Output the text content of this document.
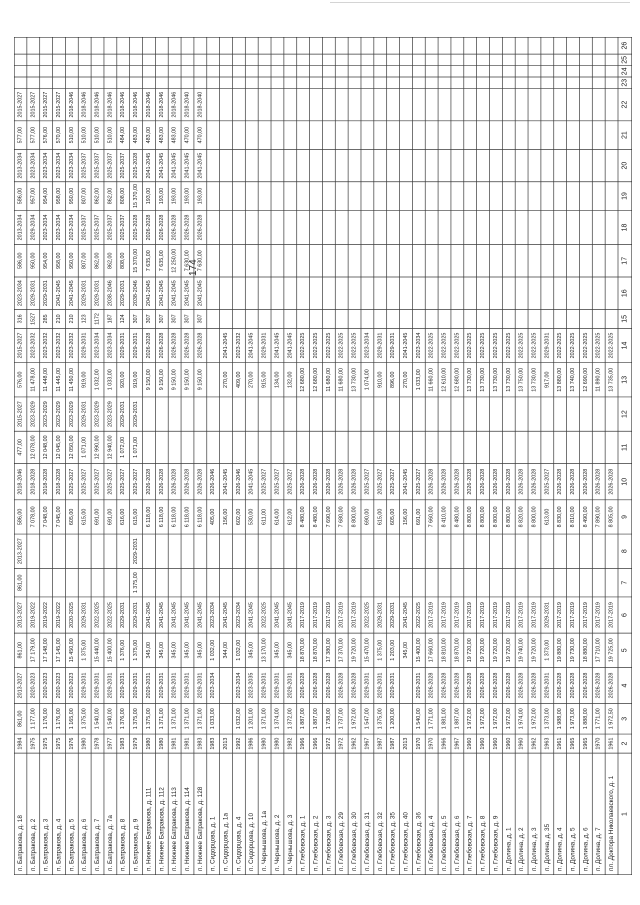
174
1
2
3
4
5
6
7
8
9
10
11
12
13
14
15
16
17
18
19
20
21
22
23
24
25
26
п. Батракова, д. 18
1984
861,00
2013-2027
861,00
2013-2027
861,00
2013-2027
586,00
2018-2046
477,00
2015-2027
576,00
2015-2027
316
2023-2034
586,00
2013-2034
586,00
2013-2034
577,00
2015-2027
п. Батракова, д. 2
1975
1 177,00
2020-2023
17 179,00
2019-2022
7 078,00
2018-2028
12 078,00
2023-2029
11 478,00
2023-2032
1527
2029-2031
950,00
2029-2034
957,00
2023-2034
577,00
2015-2027
п. Батракова, д. 3
1975
1 176,00
2020-2023
17 148,00
2019-2022
7 048,00
2018-2028
12 048,00
2023-2029
11 448,00
2023-2032
285
2029-2031
954,00
2023-2034
954,00
2023-2034
576,00
2015-2027
п. Батракова, д. 4
1975
1 176,00
2020-2023
17 145,00
2019-2022
7 045,00
2018-2028
12 045,00
2023-2029
11 445,00
2023-2032
210
2041-2045
958,00
2023-2034
958,00
2023-2034
570,00
2015-2027
п. Батракова, д. 5
1976
1 165,00
2020-2023
15 450,00
2020-2025
605,00
2025-2027
12 050,00
2023-2029
11 450,00
2023-2032
210
2041-2045
950,00
2023-2034
950,00
2023-2034
510,00
2018-2046
п. Батракова, д. 6
1980
1 375,00
2029-2031
1 375,00
2029-2031
615,00
2025-2027
1 071,00
2029-2031
919,00
2029-2031
123
2029-2031
807,00
2025-2037
807,00
2025-2037
510,00
2018-2046
п. Батракова, д. 7
1978
1 540,00
2029-2031
15 440,00
2022-2025
691,00
2025-2027
12 990,00
2023-2029
1 032,00
2023-2034
1172
2029-2031
862,00
2025-2037
862,00
2025-2037
510,00
2018-2046
п. Батракова, д. 7а
1977
1 540,00
2029-2031
15 400,00
2022-2025
691,00
2025-2027
12 940,00
2023-2029
1 033,00
2023-2034
187
2038-2046
862,00
2025-2037
862,00
2025-2037
510,00
2018-2046
п. Батракова, д. 8
1983
1 376,00
2029-2031
1 376,00
2029-2031
616,00
2025-2027
1 072,00
2029-2031
920,00
2029-2031
124
2029-2031
808,00
2025-2037
808,00
2025-2037
484,00
2018-2046
п. Батракова, д. 9
1979
1 375,00
2029-2031
1 375,00
2029-2031
1 375,00
2029-2031
615,00
2025-2027
1 071,00
2029-2031
919,00
2029-2031
307
2038-2046
15 370,00
2025-2028
15 370,00
2025-2028
483,00
2018-2046
п. Нижнее Батракова, д. 111
1980
1 375,00
2029-2031
345,00
2041-2045
6 118,00
2026-2028
9 150,00
2026-2028
307
2041-2045
7 635,00
2026-2028
193,00
2041-2045
483,00
2018-2046
п. Нижнее Батракова, д. 112
1980
1 371,00
2029-2031
345,00
2041-2045
6 118,00
2026-2028
9 150,00
2026-2028
307
2041-2045
7 635,00
2026-2028
193,00
2041-2045
483,00
2018-2046
п. Нижнее Батракова, д. 113
1981
1 371,00
2029-2031
345,00
2041-2045
6 118,00
2026-2028
9 150,00
2026-2028
307
2041-2045
12 250,00
2026-2028
193,00
2041-2045
483,00
2018-2046
п. Нижнее Батракова, д. 114
1981
1 371,00
2029-2031
345,00
2041-2045
6 118,00
2026-2028
9 150,00
2026-2028
307
2041-2045
7 630,00
2026-2028
193,00
2041-2045
470,00
2018-2040
п. Нижнее Батракова, д. 128
1983
1 371,00
2029-2031
345,00
2041-2045
6 118,00
2026-2028
9 150,00
2026-2028
307
2041-2045
7 630,00
2026-2028
193,00
2041-2045
470,00
2018-2040
п. Сидорцова, д. 1
1983
1 033,00
2023-2034
1 032,00
2023-2034
405,00
2026-2046
п. Сидорцова, д. 1а
2013
344,00
2041-2045
156,00
2041-2045
270,00
2041-2045
п. Сидорцова, д. 4
1992
1 032,00
2023-2034
1 032,00
2023-2034
602,00
2026-2046
409,00
2023-2032
п. Сидорцова, д. 10
1986
1 201,00
2023-2035
345,00
2041-2045
530,00
2041-2045
270,00
2041-2045
п. Чернышова, д. 1а
1980
1 371,00
2029-2031
13 170,00
2022-2025
611,00
2025-2027
915,00
2029-2031
п. Чернышова, д. 2
1980
1 374,00
2029-2031
345,00
2041-2045
614,00
2025-2027
134,00
2041-2045
п. Чернышова, д. 3
1982
1 372,00
2029-2031
345,00
2041-2045
612,00
2025-2027
132,00
2041-2045
п. Глебовская, д. 1
1966
1 887,00
2026-2028
18 870,00
2017-2019
8 480,00
2026-2028
12 680,00
2022-2025
п. Глебовская, д. 2
1966
1 887,00
2026-2028
18 870,00
2017-2019
8 480,00
2026-2028
12 680,00
2022-2025
п. Глебовская, д. 3
1972
1 738,00
2026-2028
17 380,00
2017-2019
7 690,00
2026-2028
11 680,00
2022-2025
п. Глебовская, д. 29
1972
1 737,00
2026-2028
17 370,00
2017-2019
7 680,00
2026-2028
11 680,00
2022-2025
п. Глебовская, д. 30
1962
1 972,00
2026-2028
19 720,00
2017-2019
8 800,00
2026-2028
13 730,00
2022-2025
п. Глебовская, д. 31
1967
1 547,00
2029-2031
15 470,00
2022-2025
690,00
2025-2027
1 074,00
2023-2034
п. Глебовская, д. 32
1987
1 375,00
2029-2031
1 375,00
2029-2031
615,00
2025-2027
910,00
2029-2031
п. Глебовская, д. 35
1987
1 200,00
2029-2031
1 203,00
2029-2031
605,00
2025-2027
896,00
2029-2031
п. Глебовская, д. 40
2013
345,00
2041-2045
156,00
2041-2045
270,00
2041-2045
п. Глебовская, д. 36
1970
1 540,00
2029-2031
15 400,00
2022-2025
691,00
2025-2027
1 033,00
2023-2034
п. Глебовская, д. 4
1970
1 771,00
2026-2028
17 660,00
2017-2019
7 660,00
2026-2028
11 660,00
2022-2025
п. Глебовская, д. 5
1966
1 881,00
2026-2028
18 810,00
2017-2019
8 410,00
2026-2028
12 610,00
2022-2025
п. Глебовская, д. 6
1967
1 887,00
2026-2028
18 870,00
2017-2019
8 480,00
2026-2028
12 680,00
2022-2025
п. Глебовская, д. 7
1960
1 972,00
2026-2028
19 720,00
2017-2019
8 800,00
2026-2028
13 730,00
2022-2025
п. Глебовская, д. 8
1960
1 972,00
2026-2028
19 720,00
2017-2019
8 800,00
2026-2028
13 730,00
2022-2025
п. Глебовская, д. 9
1960
1 972,00
2026-2028
19 720,00
2017-2019
8 800,00
2026-2028
13 730,00
2022-2025
п. Долина, д. 1
1960
1 972,00
2026-2028
19 720,00
2017-2019
8 800,00
2026-2028
13 730,00
2022-2025
п. Долина, д. 2
1960
1 974,00
2026-2028
19 740,00
2017-2019
8 820,00
2026-2028
13 750,00
2022-2025
п. Долина, д. 3
1962
1 972,00
2026-2028
19 720,00
2017-2019
8 800,00
2026-2028
13 730,00
2022-2025
п. Долина, д. 35
1963
1 373,00
2029-2031
1 373,00
2029-2031
613,00
2025-2027
917,00
2029-2031
п. Долина, д. 4
1961
1 988,00
2026-2028
19 880,00
2017-2019
8 830,00
2026-2028
13 880,00
2022-2025
п. Долина, д. 5
1965
1 973,00
2026-2028
19 730,00
2017-2019
8 810,00
2026-2028
13 740,00
2022-2025
п. Долина, д. 6
1965
1 888,00
2026-2028
18 880,00
2017-2019
8 490,00
2026-2028
12 690,00
2022-2025
п. Долина, д. 7
1970
1 771,00
2026-2028
17 710,00
2017-2019
7 890,00
2026-2028
11 890,00
2022-2025
пл. Доктора Николаевского, д. 1
1961
1 972,50
2026-2028
19 725,00
2017-2019
8 805,00
2026-2028
13 735,00
2022-2025
